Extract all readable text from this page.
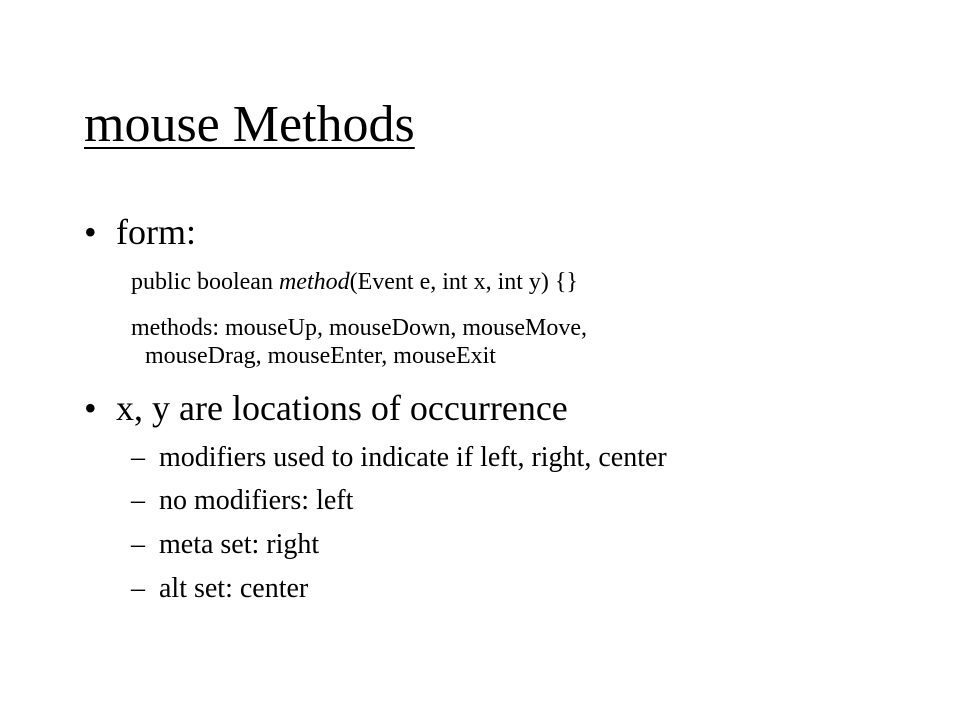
mouse Methods
• form:
public boolean method(Event e, int x, int y) {}
methods: mouseUp, mouseDown, mouseMove,
mouseDrag, mouseEnter, mouseExit
• x, y are locations of occurrence
– modifiers used to indicate if left, right, center
– no modifiers: left
– meta set: right
– alt set: center
